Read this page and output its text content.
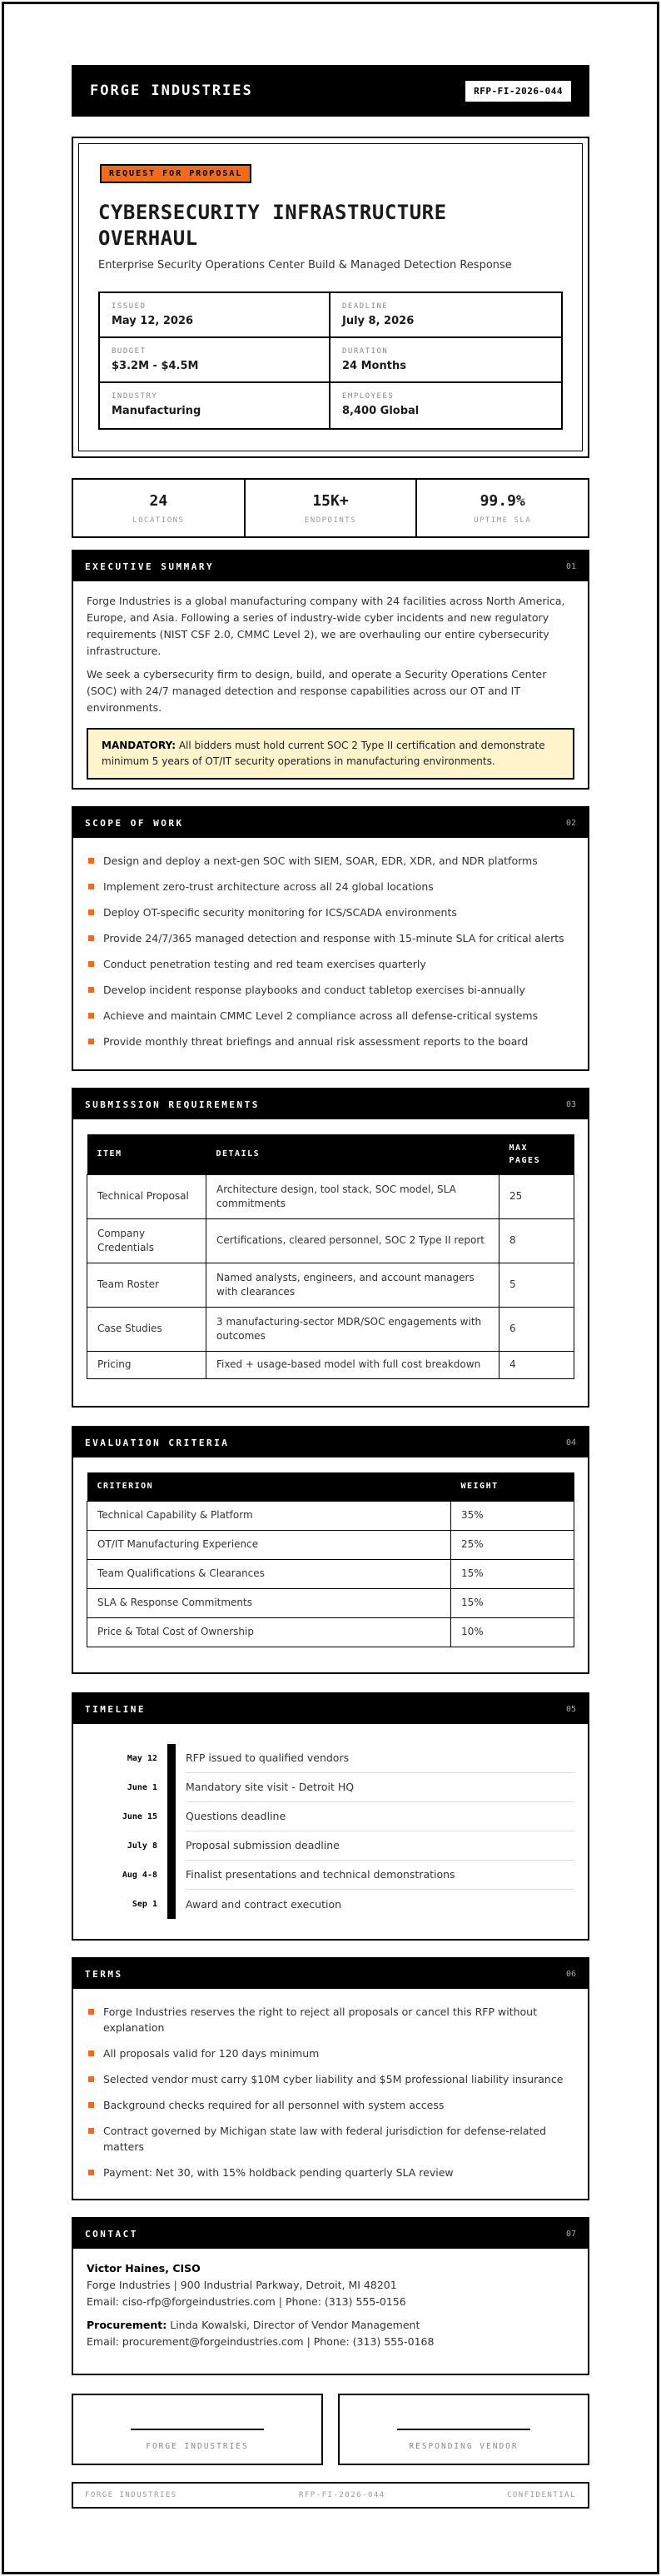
FORGE INDUSTRIES	RFP-FI-2026-044
REQUEST FOR PROPOSAL
CYBERSECURITY INFRASTRUCTURE
OVERHAUL
Enterprise Security Operations Center Build & Managed Detection Response
ISSUED
May 12, 2026
DEADLINE
July 8, 2026
BUDGET
$3.2M - $4.5M
DURATION
24 Months
INDUSTRY
Manufacturing
EMPLOYEES
8,400 Global
24
LOCATIONS
15K+
ENDPOINTS
99.9%
UPTIME SLA
EXECUTIVE SUMMARY	01

Forge Industries is a global manufacturing company with 24 facilities across North America, Europe, and Asia. Following a series of industry-wide cyber incidents and new regulatory requirements (NIST CSF 2.0, CMMC Level 2), we are overhauling our entire cybersecurity infrastructure.

We seek a cybersecurity firm to design, build, and operate a Security Operations Center (SOC) with 24/7 managed detection and response capabilities across our OT and IT environments.

MANDATORY: All bidders must hold current SOC 2 Type II certification and demonstrate minimum 5 years of OT/IT security operations in manufacturing environments.
SCOPE OF WORK	02
Design and deploy a next-gen SOC with SIEM, SOAR, EDR, XDR, and NDR platforms
Implement zero-trust architecture across all 24 global locations
Deploy OT-specific security monitoring for ICS/SCADA environments
Provide 24/7/365 managed detection and response with 15-minute SLA for critical alerts
Conduct penetration testing and red team exercises quarterly
Develop incident response playbooks and conduct tabletop exercises bi-annually
Achieve and maintain CMMC Level 2 compliance across all defense-critical systems
Provide monthly threat briefings and annual risk assessment reports to the board
SUBMISSION REQUIREMENTS	03
ITEM	DETAILS	MAX PAGES
Technical Proposal	Architecture design, tool stack, SOC model, SLA commitments	25
Company Credentials	Certifications, cleared personnel, SOC 2 Type II report	8
Team Roster	Named analysts, engineers, and account managers with clearances	5
Case Studies	3 manufacturing-sector MDR/SOC engagements with outcomes	6
Pricing	Fixed + usage-based model with full cost breakdown	4
EVALUATION CRITERIA	04
CRITERION	WEIGHT
Technical Capability & Platform	35%
OT/IT Manufacturing Experience	25%
Team Qualifications & Clearances	15%
SLA & Response Commitments	15%
Price & Total Cost of Ownership	10%
TIMELINE	05
May 12	RFP issued to qualified vendors
June 1	Mandatory site visit - Detroit HQ
June 15	Questions deadline
July 8	Proposal submission deadline
Aug 4-8	Finalist presentations and technical demonstrations
Sep 1	Award and contract execution
TERMS	06
Forge Industries reserves the right to reject all proposals or cancel this RFP without explanation
All proposals valid for 120 days minimum
Selected vendor must carry $10M cyber liability and $5M professional liability insurance
Background checks required for all personnel with system access
Contract governed by Michigan state law with federal jurisdiction for defense-related matters
Payment: Net 30, with 15% holdback pending quarterly SLA review
CONTACT	07
Victor Haines, CISO
Forge Industries | 900 Industrial Parkway, Detroit, MI 48201
Email: ciso-rfp@forgeindustries.com | Phone: (313) 555-0156
Procurement: Linda Kowalski, Director of Vendor Management
Email: procurement@forgeindustries.com | Phone: (313) 555-0168
FORGE INDUSTRIES	RESPONDING VENDOR
FORGE INDUSTRIES	RFP-FI-2026-044	CONFIDENTIAL
